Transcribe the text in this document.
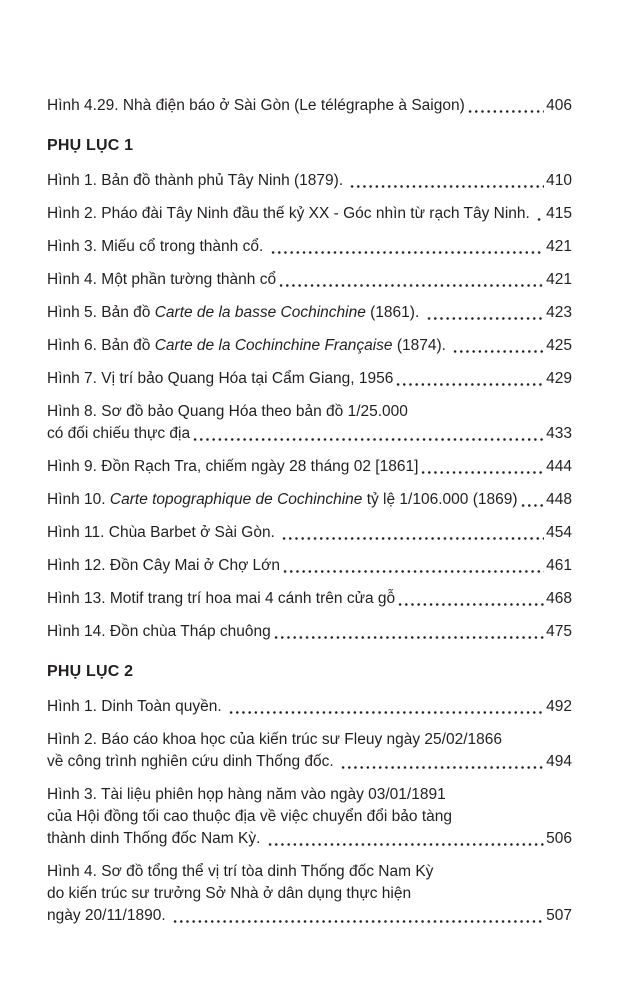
Hình 4.29. Nhà điện báo ở Sài Gòn (Le télégraphe à Saigon)	406
PHỤ LỤC 1
Hình 1. Bản đồ thành phủ Tây Ninh (1879).	410
Hình 2. Pháo đài Tây Ninh đầu thế kỷ XX - Góc nhìn từ rạch Tây Ninh. 415
Hình 3. Miếu cổ trong thành cổ.	421
Hình 4. Một phần tường thành cổ	421
Hình 5. Bản đồ Carte de la basse Cochinchine (1861).	423
Hình 6. Bản đồ Carte de la Cochinchine Française (1874).	425
Hình 7. Vị trí bảo Quang Hóa tại Cẩm Giang, 1956	429
Hình 8. Sơ đồ bảo Quang Hóa theo bản đồ 1/25.000
có đối chiếu thực địa	433
Hình 9. Đồn Rạch Tra, chiếm ngày 28 tháng 02 [1861]	444
Hình 10. Carte topographique de Cochinchine tỷ lệ 1/106.000 (1869) 448
Hình 11. Chùa Barbet ở Sài Gòn.	454
Hình 12. Đồn Cây Mai ở Chợ Lớn	461
Hình 13. Motif trang trí hoa mai 4 cánh trên cửa gỗ	468
Hình 14. Đồn chùa Tháp chuông	475
PHỤ LỤC 2
Hình 1. Dinh Toàn quyền.	492
Hình 2. Báo cáo khoa học của kiến trúc sư Fleuy ngày 25/02/1866
về công trình nghiên cứu dinh Thống đốc.	494
Hình 3. Tài liệu phiên họp hàng năm vào ngày 03/01/1891
của Hội đồng tối cao thuộc địa về việc chuyển đổi bảo tàng
thành dinh Thống đốc Nam Kỳ.	506
Hình 4. Sơ đồ tổng thể vị trí tòa dinh Thống đốc Nam Kỳ
do kiến trúc sư trưởng Sở Nhà ở dân dụng thực hiện
ngày 20/11/1890.	507
